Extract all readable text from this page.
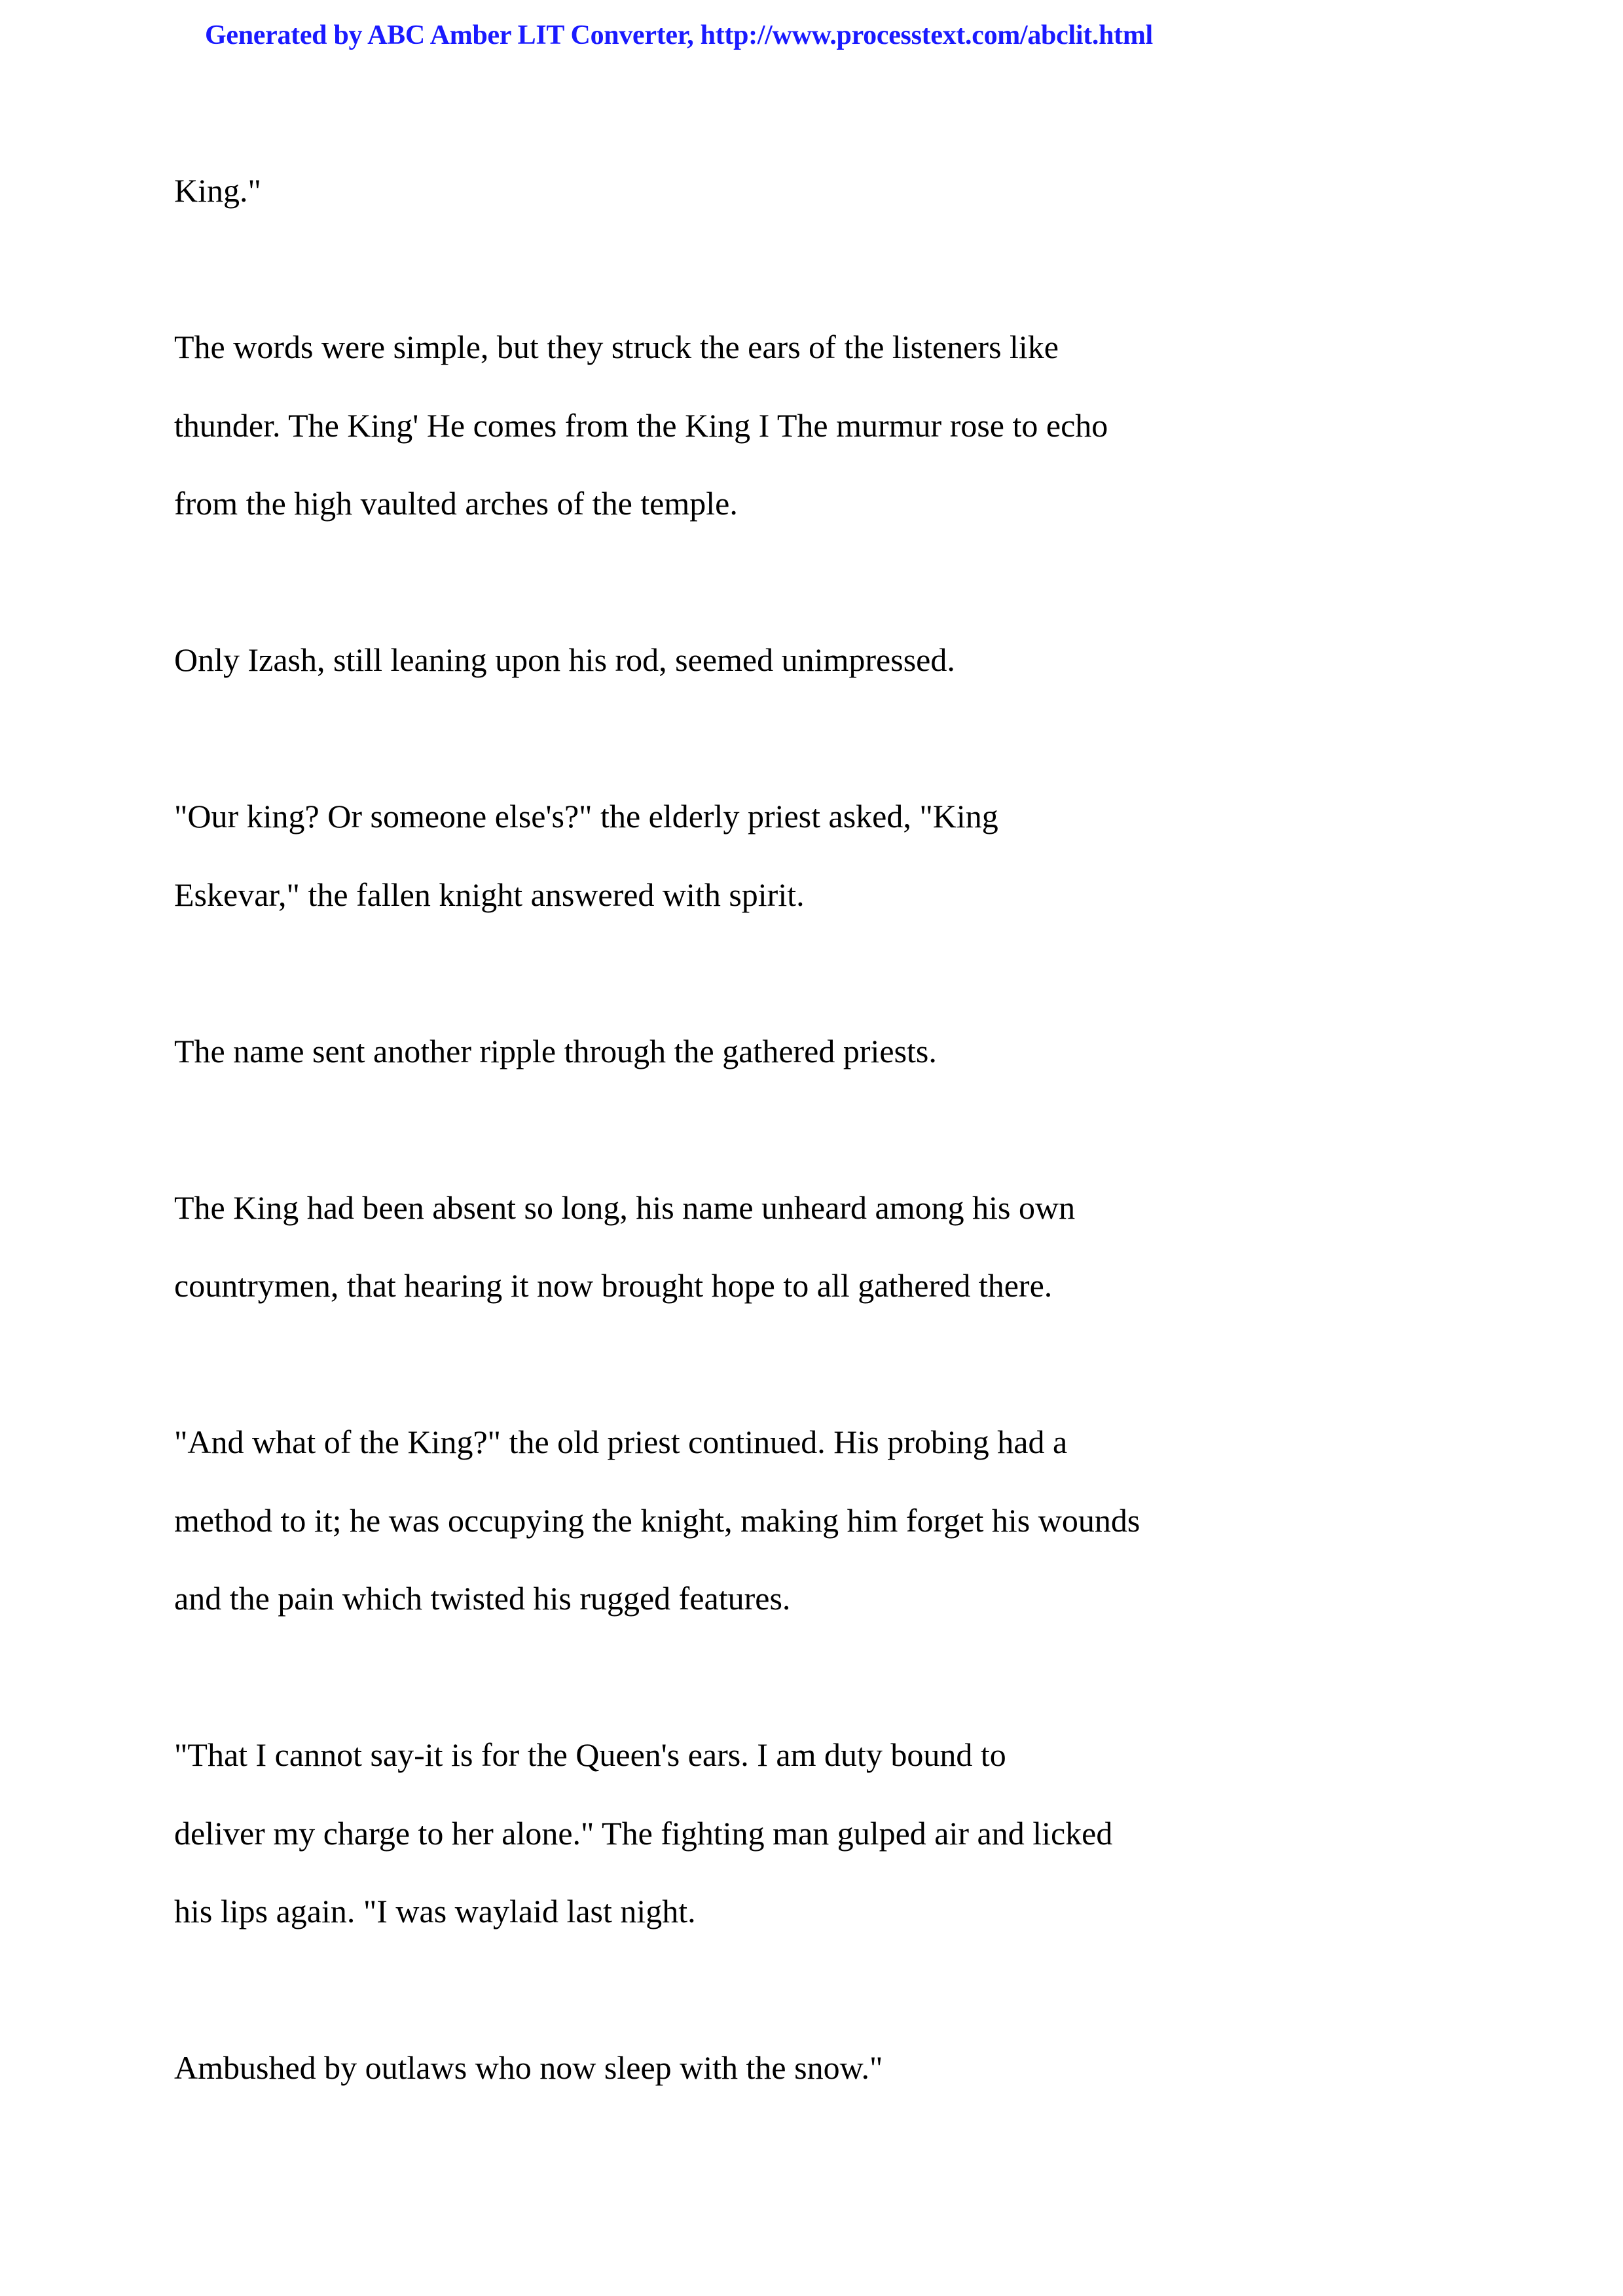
Generated by ABC Amber LIT Converter, http://www.processtext.com/abclit.html

King."

The words were simple, but they struck the ears of the listeners like
thunder. The King' He comes from the King I The murmur rose to echo
from the high vaulted arches of the temple.

Only Izash, still leaning upon his rod, seemed unimpressed.

"Our king? Or someone else's?" the elderly priest asked, "King
Eskevar," the fallen knight answered with spirit.

The name sent another ripple through the gathered priests.

The King had been absent so long, his name unheard among his own
countrymen, that hearing it now brought hope to all gathered there.

"And what of the King?" the old priest continued. His probing had a
method to it; he was occupying the knight, making him forget his wounds
and the pain which twisted his rugged features.

"That I cannot say-it is for the Queen's ears. I am duty bound to
deliver my charge to her alone." The fighting man gulped air and licked
his lips again. "I was waylaid last night.

Ambushed by outlaws who now sleep with the snow."
